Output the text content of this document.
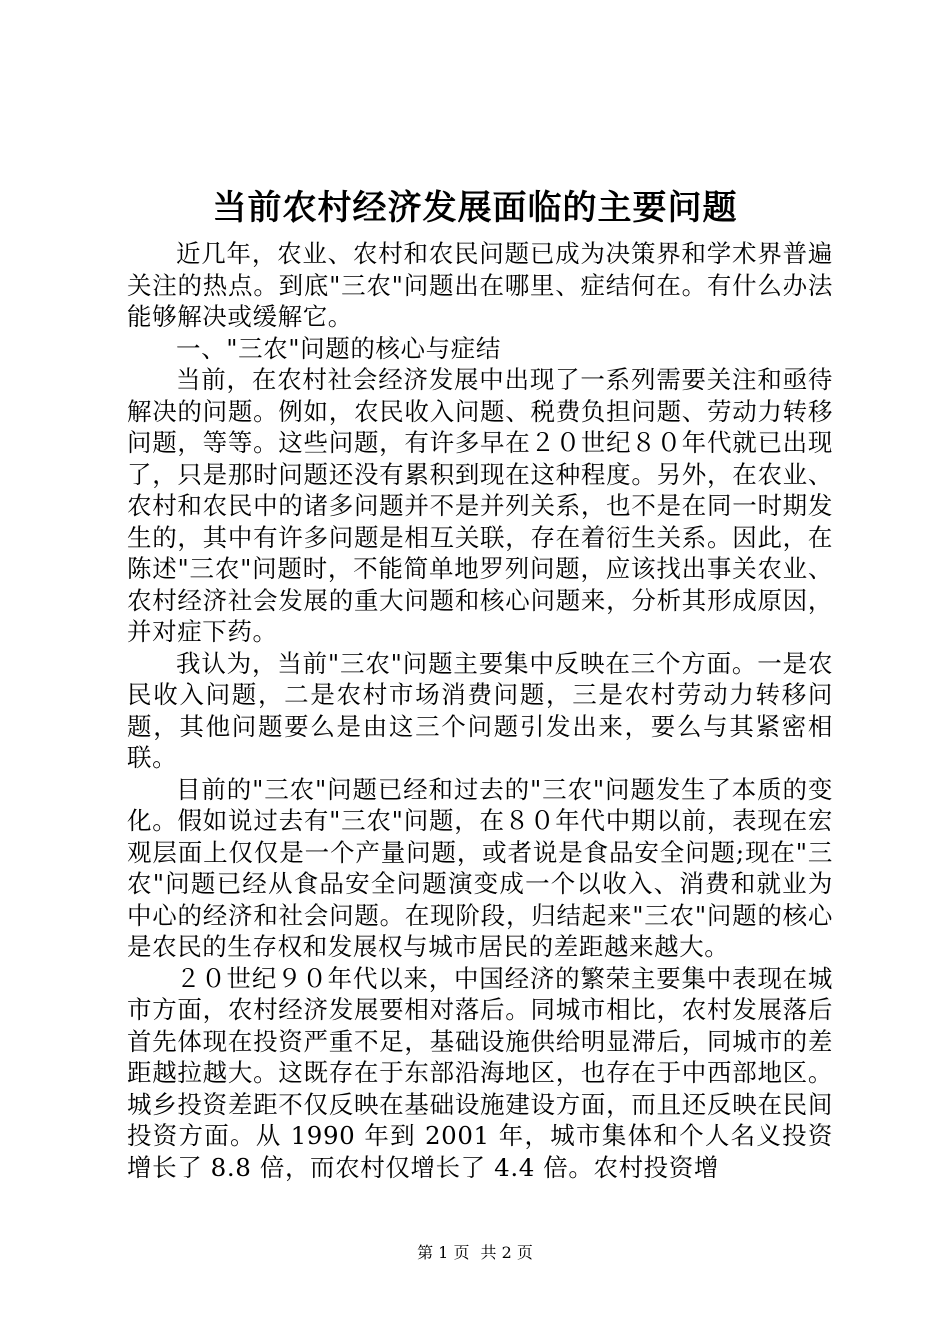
当前农村经济发展面临的主要问题

近几年，农业、农村和农民问题已成为决策界和学术界普遍关注的热点。到底"三农"问题出在哪里、症结何在。有什么办法能够解决或缓解它。

一、"三农"问题的核心与症结

当前，在农村社会经济发展中出现了一系列需要关注和亟待解决的问题。例如，农民收入问题、税费负担问题、劳动力转移问题，等等。这些问题，有许多早在２０世纪８０年代就已出现了，只是那时问题还没有累积到现在这种程度。另外，在农业、农村和农民中的诸多问题并不是并列关系，也不是在同一时期发生的，其中有许多问题是相互关联，存在着衍生关系。因此，在陈述"三农"问题时，不能简单地罗列问题，应该找出事关农业、农村经济社会发展的重大问题和核心问题来，分析其形成原因，并对症下药。

我认为，当前"三农"问题主要集中反映在三个方面。一是农民收入问题，二是农村市场消费问题，三是农村劳动力转移问题，其他问题要么是由这三个问题引发出来，要么与其紧密相联。

目前的"三农"问题已经和过去的"三农"问题发生了本质的变化。假如说过去有"三农"问题，在８０年代中期以前，表现在宏观层面上仅仅是一个产量问题，或者说是食品安全问题;现在"三农"问题已经从食品安全问题演变成一个以收入、消费和就业为中心的经济和社会问题。在现阶段，归结起来"三农"问题的核心是农民的生存权和发展权与城市居民的差距越来越大。

２０世纪９０年代以来，中国经济的繁荣主要集中表现在城市方面，农村经济发展要相对落后。同城市相比，农村发展落后首先体现在投资严重不足，基础设施供给明显滞后，同城市的差距越拉越大。这既存在于东部沿海地区，也存在于中西部地区。城乡投资差距不仅反映在基础设施建设方面，而且还反映在民间投资方面。从 1990 年到 2001 年，城市集体和个人名义投资增长了 8.8 倍，而农村仅增长了 4.4 倍。农村投资增

第 1 页 共 2 页
